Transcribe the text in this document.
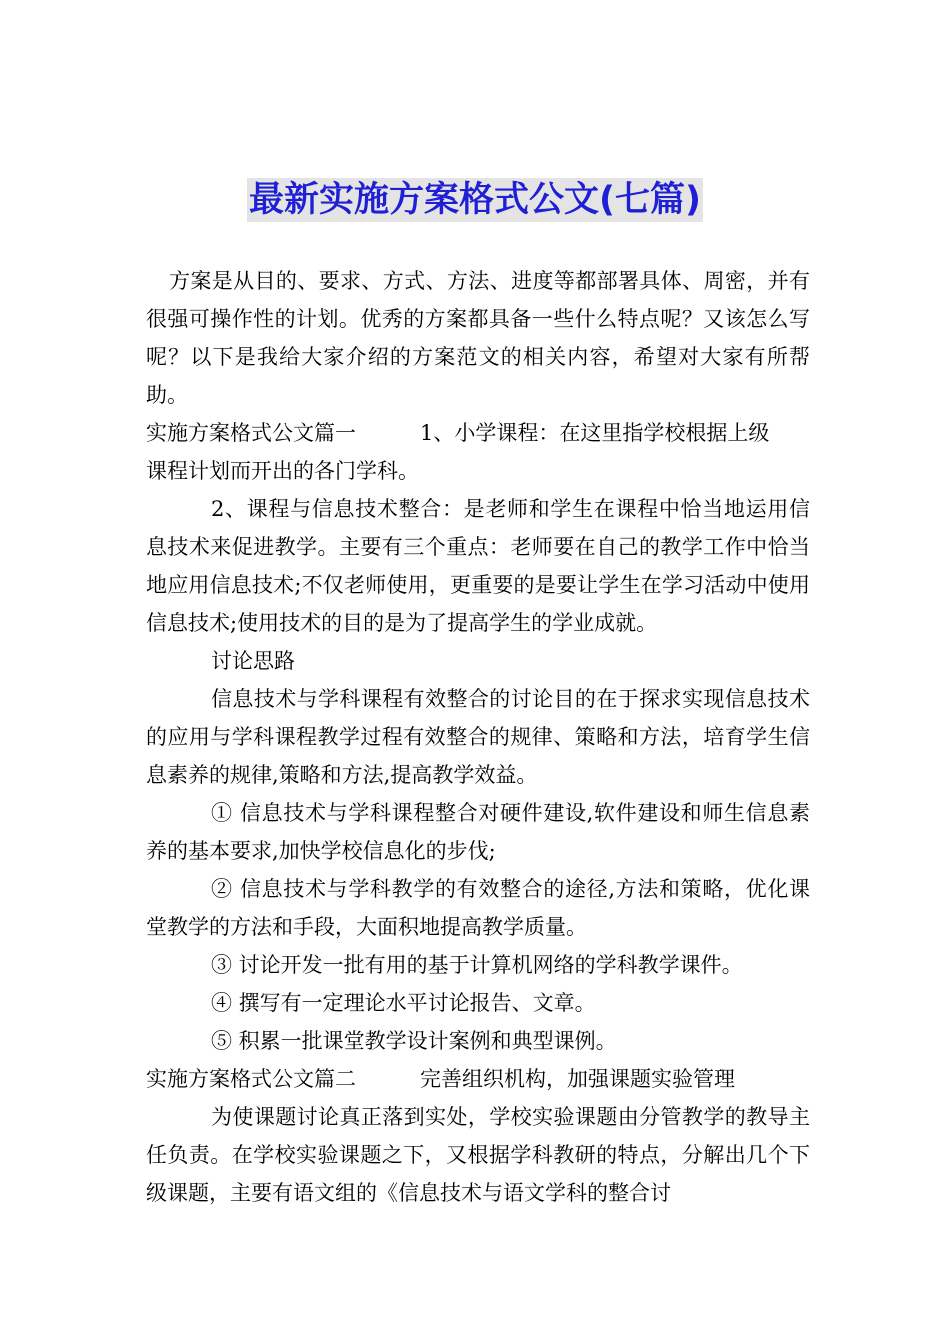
最新实施方案格式公文(七篇)

方案是从目的、要求、方式、方法、进度等都部署具体、周密，并有很强可操作性的计划。优秀的方案都具备一些什么特点呢？又该怎么写呢？以下是我给大家介绍的方案范文的相关内容，希望对大家有所帮助。

实施方案格式公文篇一	1、小学课程：在这里指学校根据上级

课程计划而开出的各门学科。

2、课程与信息技术整合：是老师和学生在课程中恰当地运用信息技术来促进教学。主要有三个重点：老师要在自己的教学工作中恰当地应用信息技术;不仅老师使用，更重要的是要让学生在学习活动中使用信息技术;使用技术的目的是为了提高学生的学业成就。

讨论思路

信息技术与学科课程有效整合的讨论目的在于探求实现信息技术的应用与学科课程教学过程有效整合的规律、策略和方法，培育学生信息素养的规律,策略和方法,提高教学效益。

① 信息技术与学科课程整合对硬件建设,软件建设和师生信息素养的基本要求,加快学校信息化的步伐;

② 信息技术与学科教学的有效整合的途径,方法和策略，优化课堂教学的方法和手段，大面积地提高教学质量。

③ 讨论开发一批有用的基于计算机网络的学科教学课件。

④ 撰写有一定理论水平讨论报告、文章。

⑤ 积累一批课堂教学设计案例和典型课例。

实施方案格式公文篇二	完善组织机构，加强课题实验管理

为使课题讨论真正落到实处，学校实验课题由分管教学的教导主任负责。在学校实验课题之下，又根据学科教研的特点，分解出几个下级课题，主要有语文组的《信息技术与语文学科的整合讨
